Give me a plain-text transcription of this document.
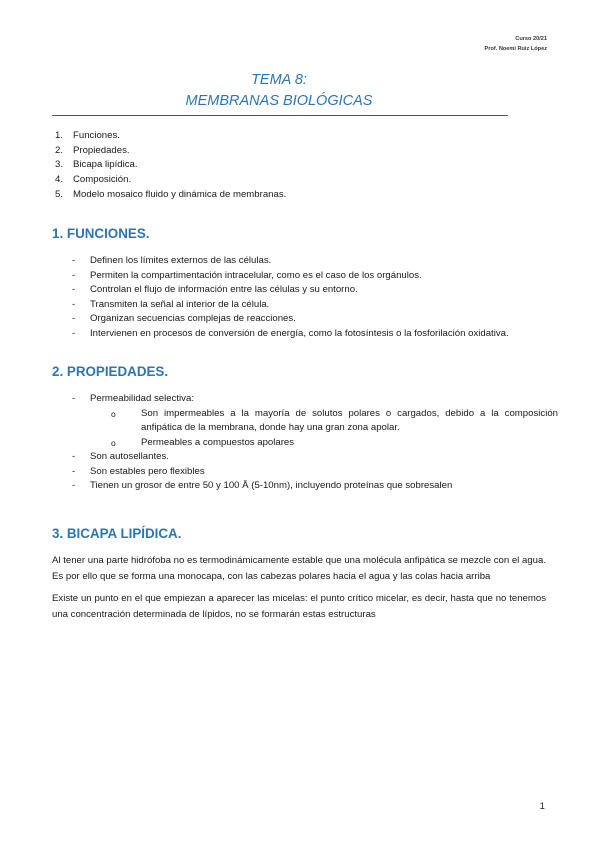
Curso 20/21
Prof. Noemi Ruiz López
TEMA 8:
MEMBRANAS BIOLÓGICAS
1. Funciones.
2. Propiedades.
3. Bicapa lipídica.
4. Composición.
5. Modelo mosaico fluido y dinámica de membranas.
1. FUNCIONES.
- Definen los límites externos de las células.
- Permiten la compartimentación intracelular, como es el caso de los orgánulos.
- Controlan el flujo de información entre las células y su entorno.
- Transmiten la señal al interior de la célula.
- Organizan secuencias complejas de reacciones.
- Intervienen en procesos de conversión de energía, como la fotosíntesis o la fosforilación oxidativa.
2. PROPIEDADES.
- Permeabilidad selectiva:
o	Son impermeables a la mayoría de solutos polares o cargados, debido a la composición anfipática de la membrana, donde hay una gran zona apolar.
o	Permeables a compuestos apolares
- Son autosellantes.
- Son estables pero flexibles
- Tienen un grosor de entre 50 y 100 Å (5-10nm), incluyendo proteínas que sobresalen
3. BICAPA LIPÍDICA.

Al tener una parte hidrófoba no es termodinámicamente estable que una molécula anfipática se mezcle con el agua. Es por ello que se forma una monocapa, con las cabezas polares hacia el agua y las colas hacia arriba

Existe un punto en el que empiezan a aparecer las micelas: el punto crítico micelar, es decir, hasta que no tenemos una concentración determinada de lípidos, no se formarán estas estructuras

1
